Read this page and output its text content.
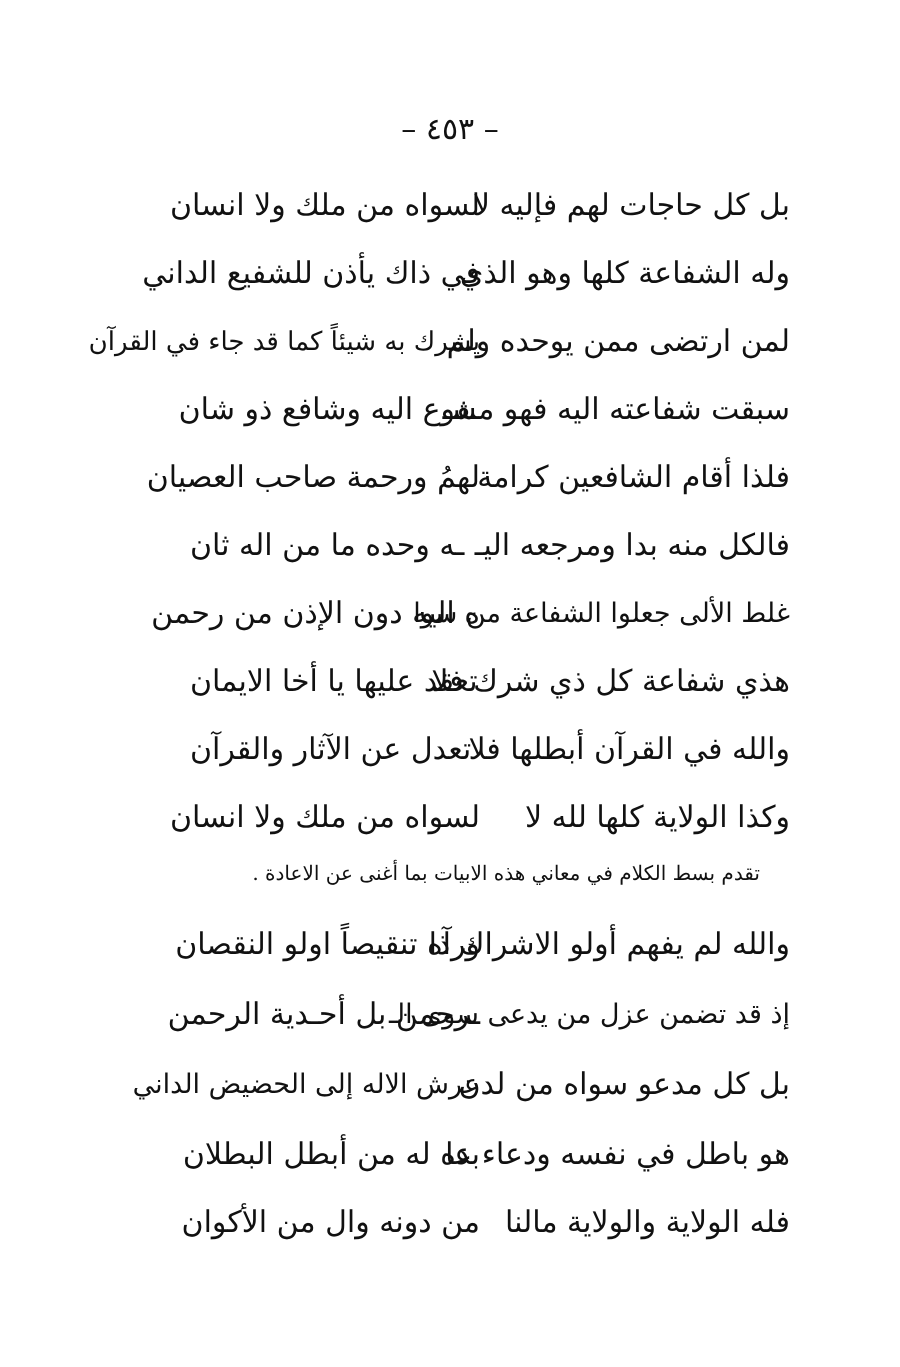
– ٤٥٣ –
بل كل حاجات لهم فإليه لا
لسواه من ملك ولا انسان
وله الشفاعة كلها وهو الذي
في ذاك يأذن للشفيع الداني
لمن ارتضى ممن يوحده ولم
يشرك به شيئاً كما قد جاء في القرآن
سبقت شفاعته اليه فهو مشـ
ـفوع اليه وشافع ذو شان
فلذا أقام الشافعين كرامة
لهمُ ورحمة صاحب العصيان
فالكل منه بدا ومرجعه اليـ
ـه وحده ما من اله ثان
غلط الألى جعلوا الشفاعة من سوا
ه اليه دون الإذن من رحمن
هذي شفاعة كل ذي شرك فلا
تعقد عليها يا أخا الايمان
والله في القرآن أبطلها فلا
تعدل عن الآثار والقرآن
وكذا الولاية كلها لله لا
لسواه من ملك ولا انسان
تقدم بسط الكلام في معاني هذه الابيات بما أغنى عن الاعادة .
والله لم يفهم أولو الاشراك ذا
ورآه تنقيصاً اولو النقصان
إذ قد تضمن عزل من يدعى سوى الـ
ـرحمن بل أحـدية الرحمن
بل كل مدعو سواه من لدن
عرش الاله إلى الحضيض الداني
هو باطل في نفسه ودعاء عا
بده له من أبطل البطلان
فله الولاية والولاية مالنا
من دونه وال من الأكوان
